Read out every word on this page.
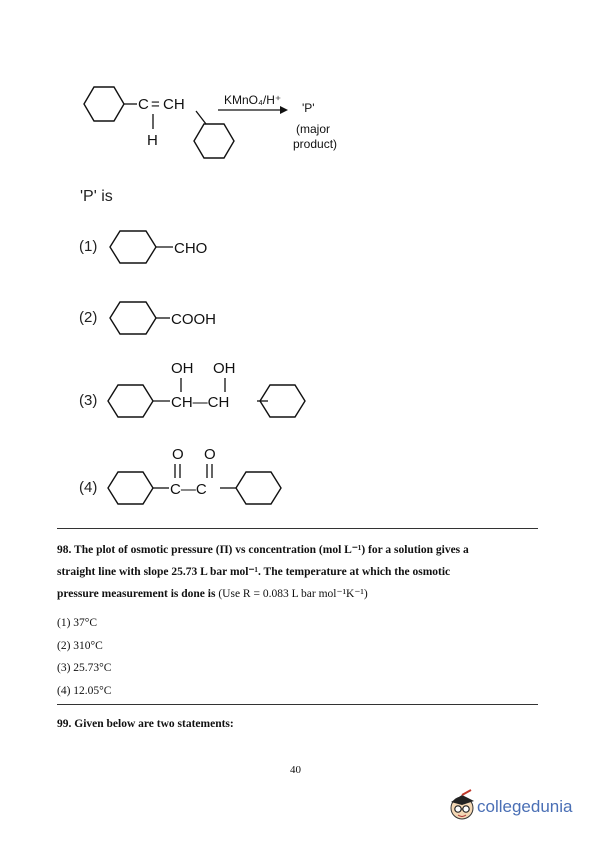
C = CH
H
KMnO₄/H⁺
'P'
(major
product)
CHO
COOH
OH OH
CH—CH
O O
C—C
'P' is
(1)
(2)
(3)
(4)
98. The plot of osmotic pressure (Π) vs concentration (mol L⁻¹) for a solution gives a
straight line with slope 25.73 L bar mol⁻¹. The temperature at which the osmotic
pressure measurement is done is (Use R = 0.083 L bar mol⁻¹K⁻¹)
(1) 37°C
(2) 310°C
(3) 25.73°C
(4) 12.05°C
99. Given below are two statements:
40
collegedunia
